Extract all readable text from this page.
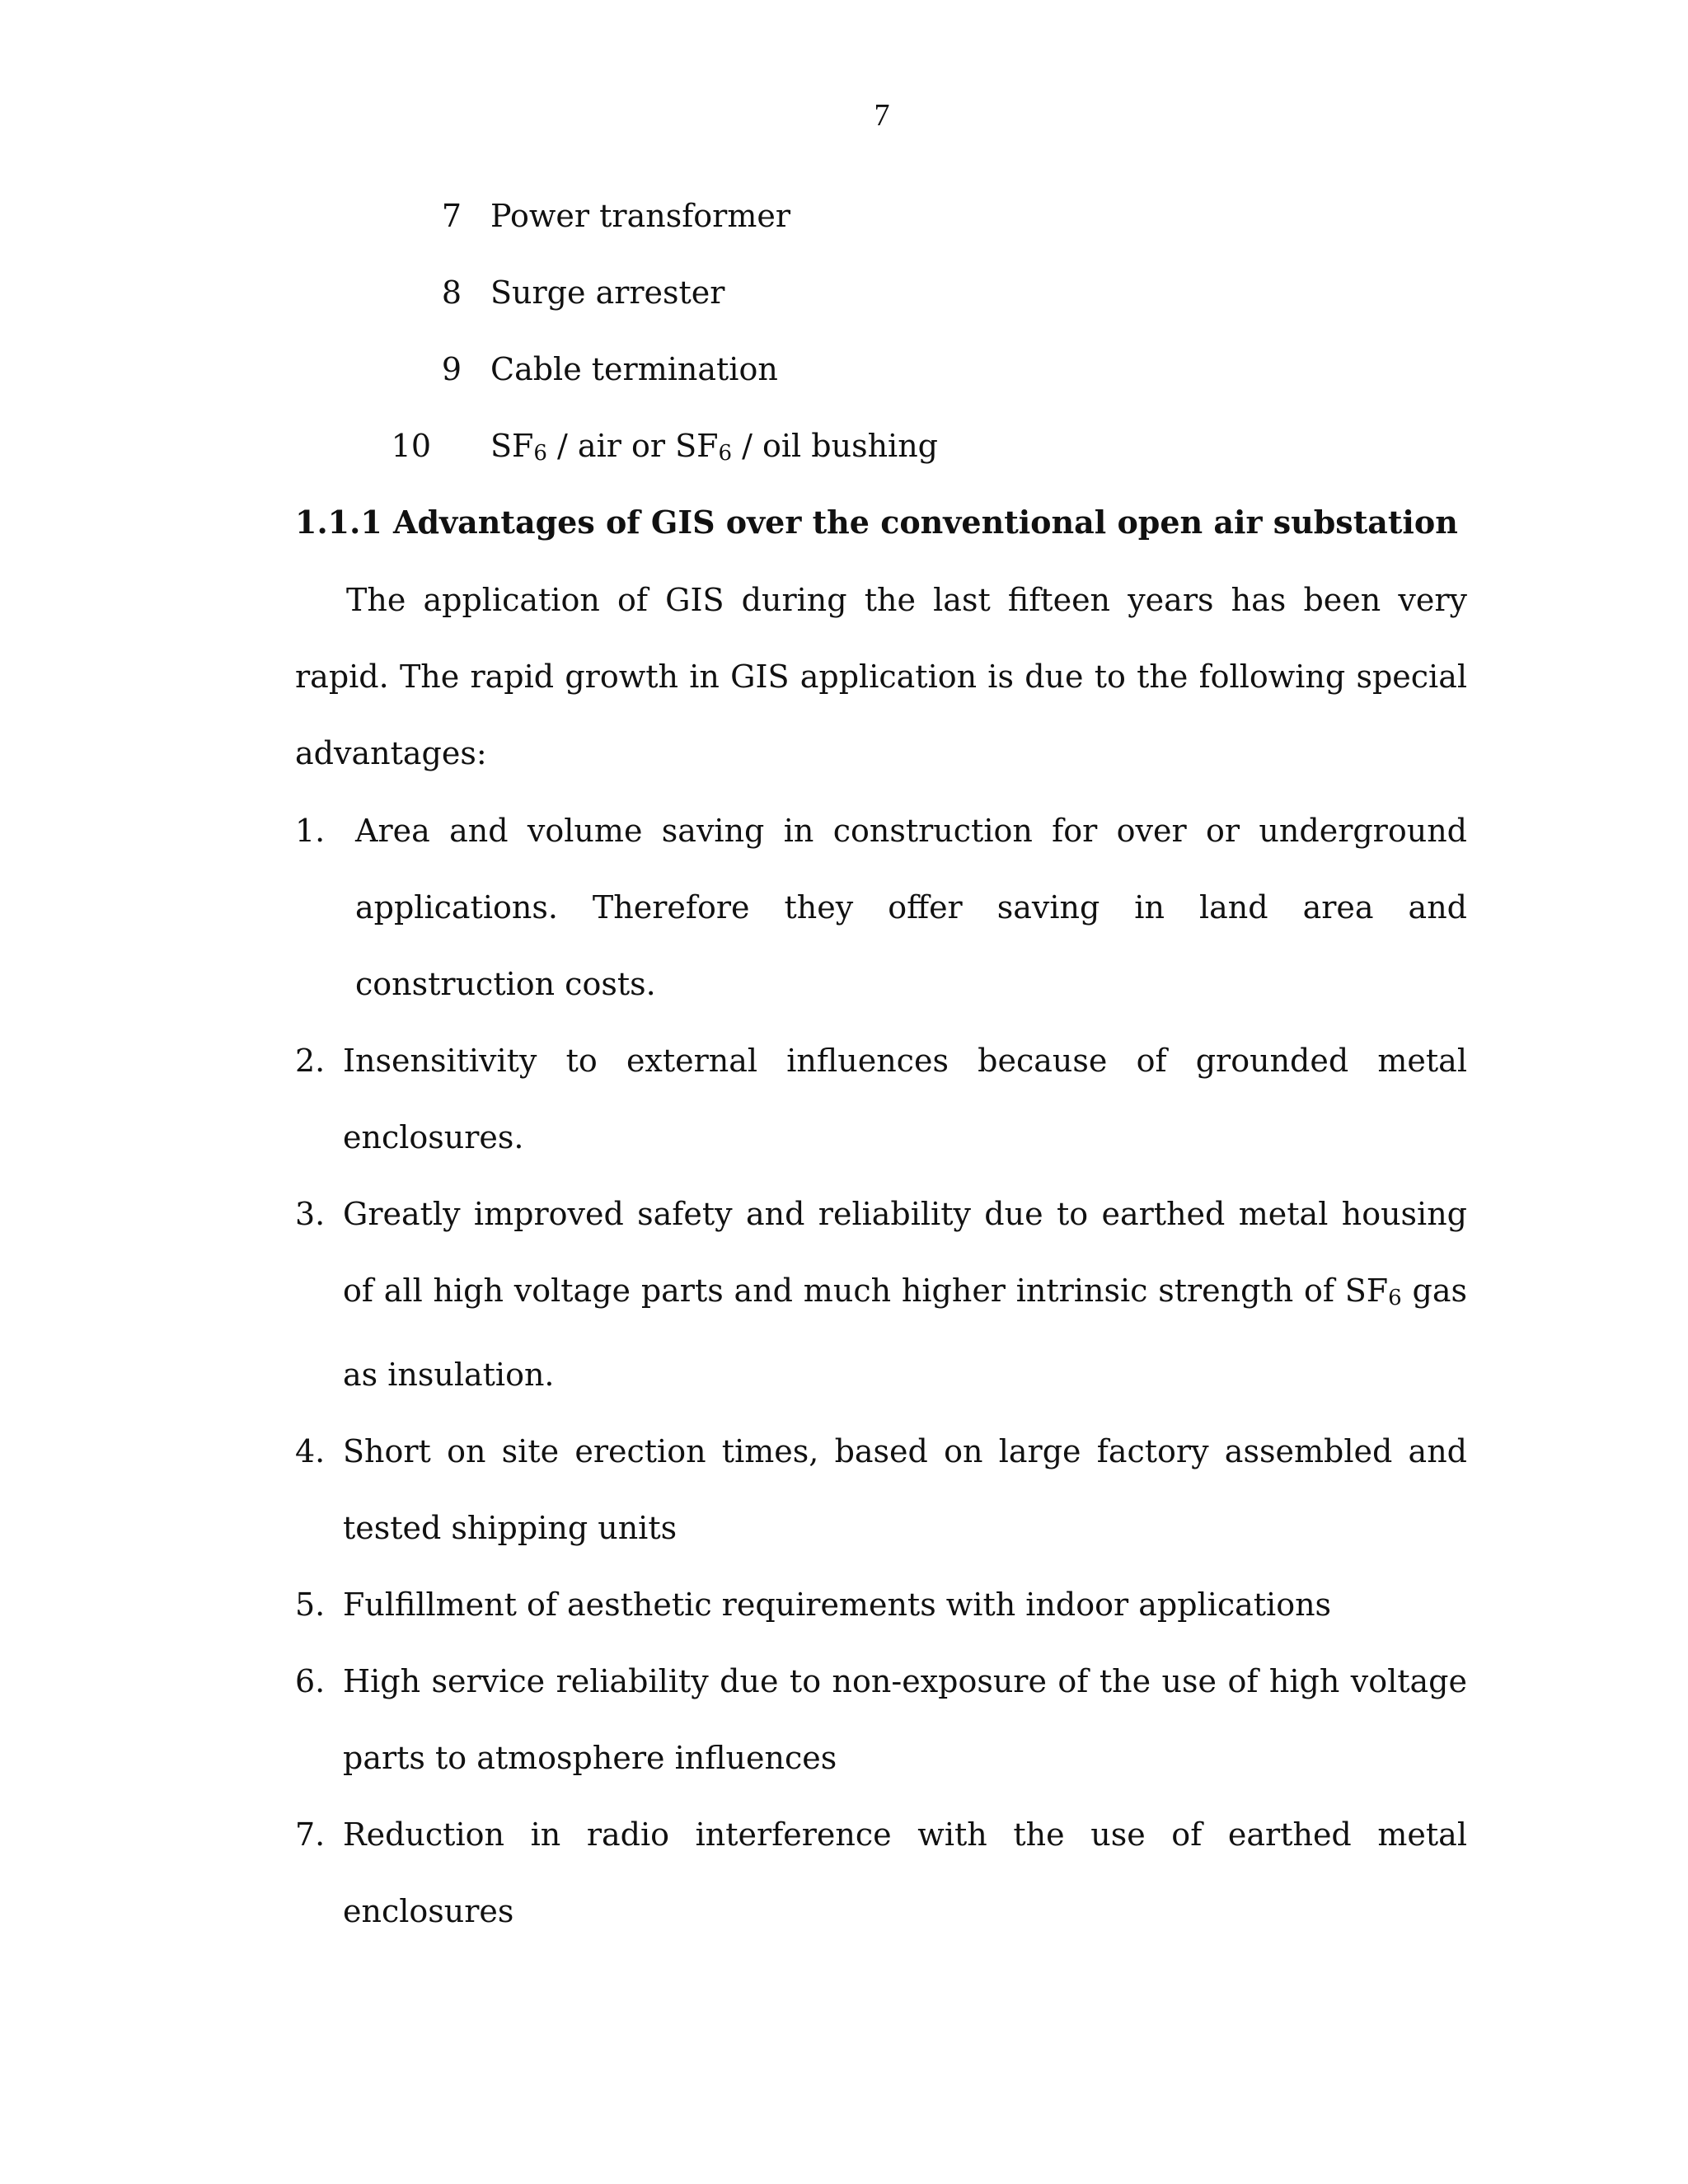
7
7 Power transformer
8 Surge arrester
9 Cable termination
10 SF6 / air or SF6 / oil bushing
1.1.1 Advantages of GIS over the conventional open air substation

The application of GIS during the last fifteen years has been very rapid. The rapid growth in GIS application is due to the following special advantages:

1. Area and volume saving in construction for over or underground applications. Therefore they offer saving in land area and construction costs.
2. Insensitivity to external influences because of grounded metal enclosures.
3. Greatly improved safety and reliability due to earthed metal housing of all high voltage parts and much higher intrinsic strength of SF6 gas as insulation.
4. Short on site erection times, based on large factory assembled and tested shipping units
5. Fulfillment of aesthetic requirements with indoor applications
6. High service reliability due to non-exposure of the use of high voltage parts to atmosphere influences
7. Reduction in radio interference with the use of earthed metal enclosures
